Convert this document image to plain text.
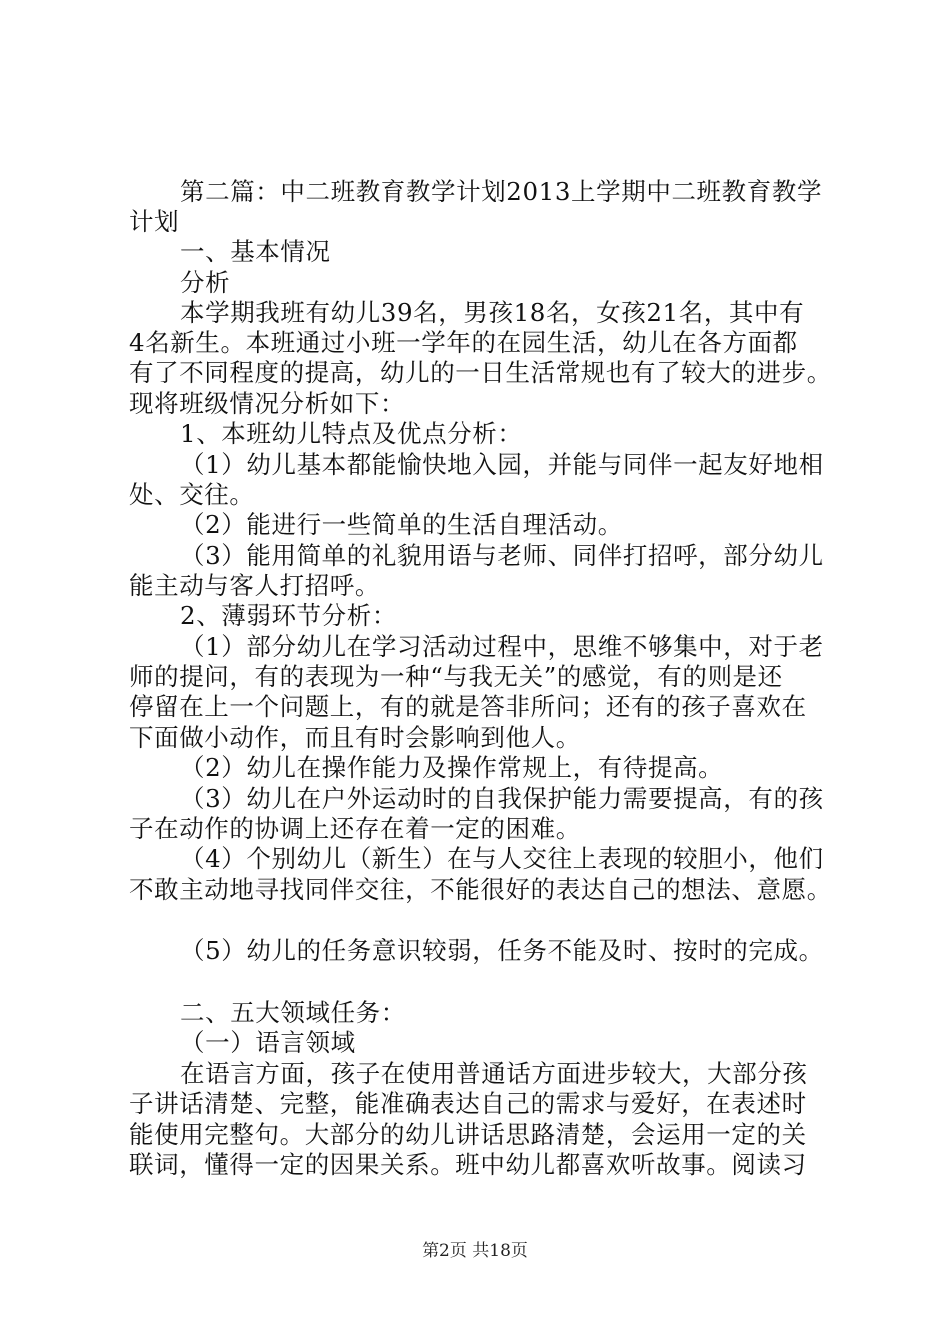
第二篇：中二班教育教学计划2013上学期中二班教育教学
计划
一、基本情况
分析
本学期我班有幼儿39名，男孩18名，女孩21名，其中有
4名新生。本班通过小班一学年的在园生活，幼儿在各方面都
有了不同程度的提高，幼儿的一日生活常规也有了较大的进步。
现将班级情况分析如下：
1、本班幼儿特点及优点分析：
（1）幼儿基本都能愉快地入园，并能与同伴一起友好地相
处、交往。
（2）能进行一些简单的生活自理活动。
（3）能用简单的礼貌用语与老师、同伴打招呼，部分幼儿
能主动与客人打招呼。
2、薄弱环节分析：
（1）部分幼儿在学习活动过程中，思维不够集中，对于老
师的提问，有的表现为一种“与我无关”的感觉，有的则是还
停留在上一个问题上，有的就是答非所问；还有的孩子喜欢在
下面做小动作，而且有时会影响到他人。
（2）幼儿在操作能力及操作常规上，有待提高。
（3）幼儿在户外运动时的自我保护能力需要提高，有的孩
子在动作的协调上还存在着一定的困难。
（4）个别幼儿（新生）在与人交往上表现的较胆小，他们
不敢主动地寻找同伴交往，不能很好的表达自己的想法、意愿。
（5）幼儿的任务意识较弱，任务不能及时、按时的完成。
二、五大领域任务：
（一）语言领域
在语言方面，孩子在使用普通话方面进步较大，大部分孩
子讲话清楚、完整，能准确表达自己的需求与爱好，在表述时
能使用完整句。大部分的幼儿讲话思路清楚，会运用一定的关
联词，懂得一定的因果关系。班中幼儿都喜欢听故事。阅读习
第2页 共18页
